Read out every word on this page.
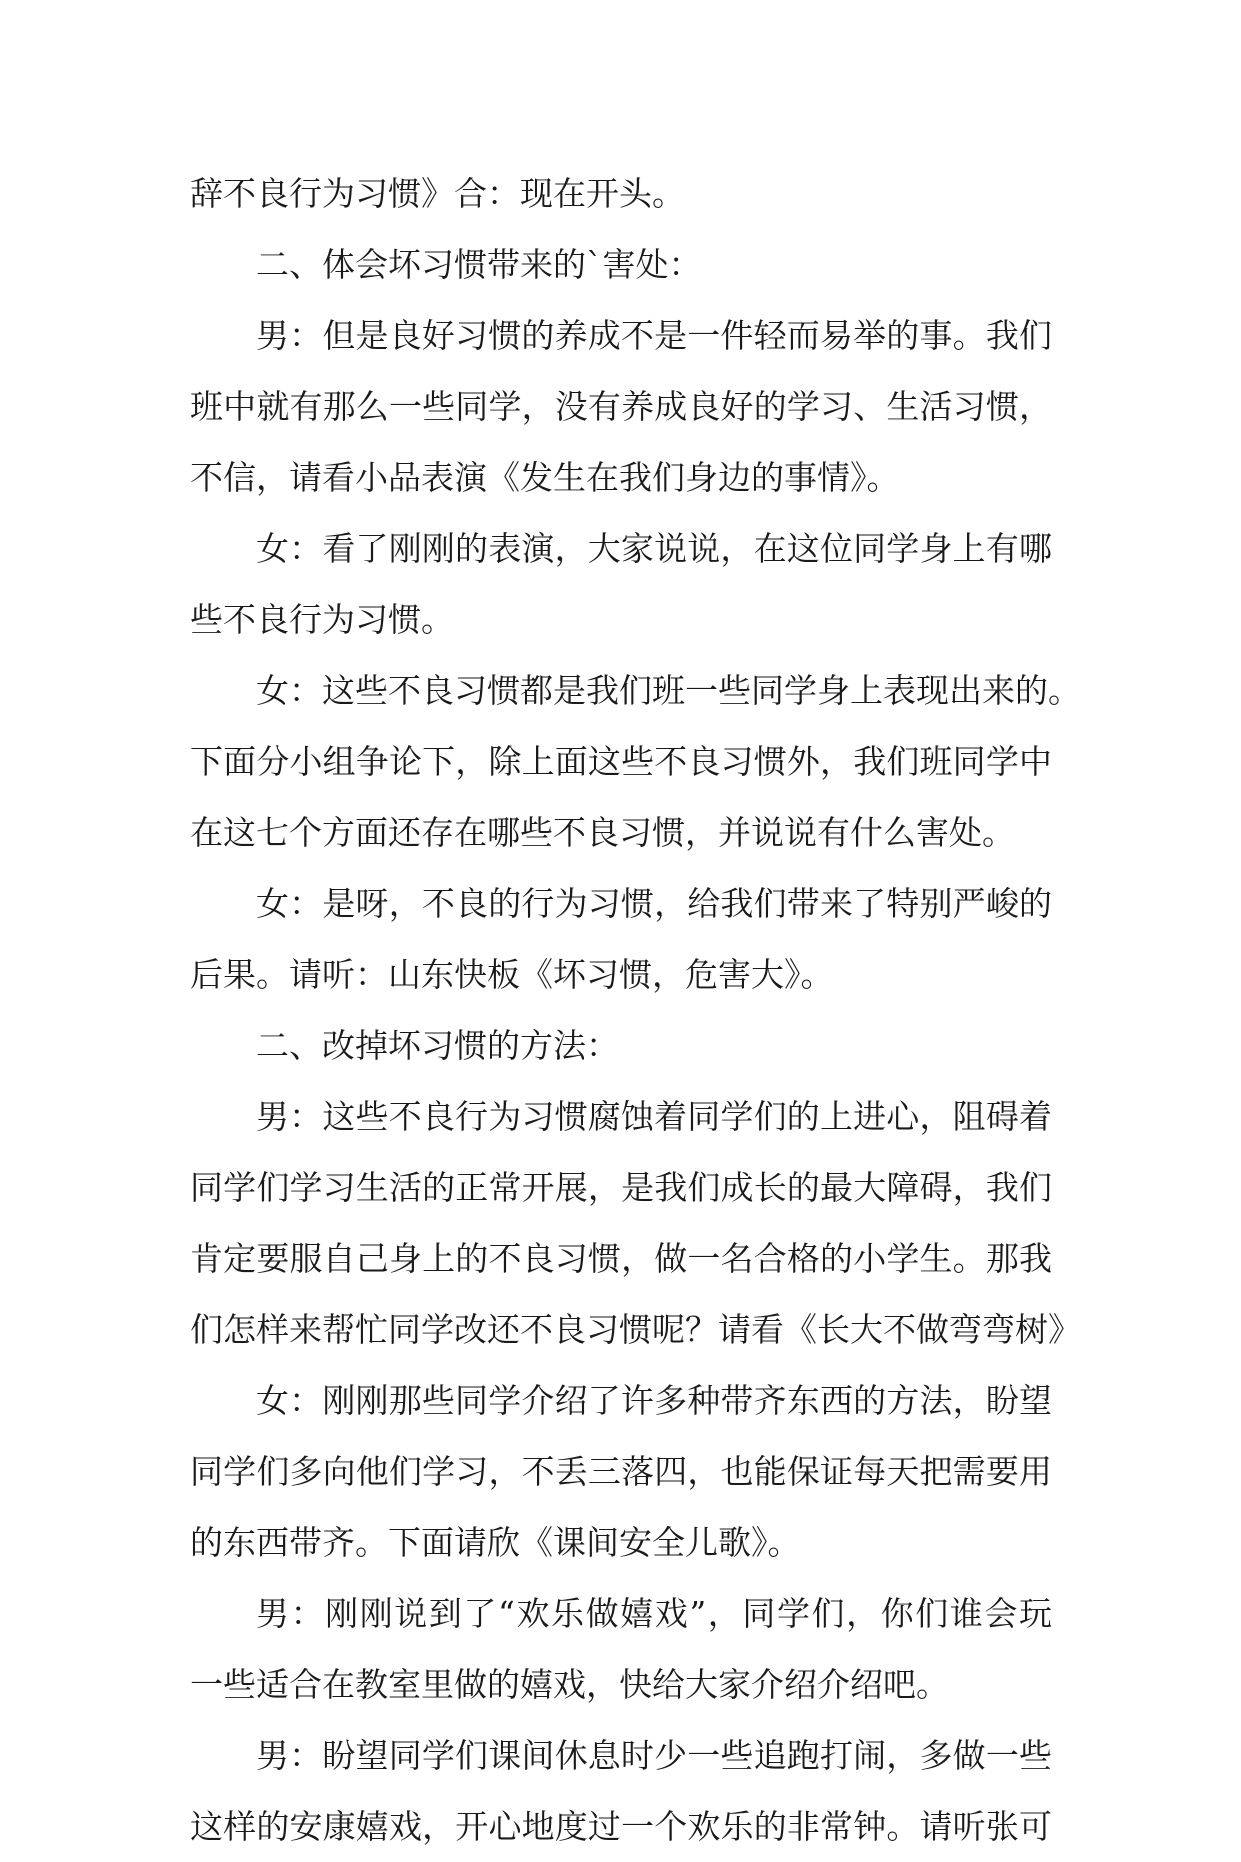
辞不良行为习惯》合：现在开头。
二、体会坏习惯带来的`害处：
男：但是良好习惯的养成不是一件轻而易举的事。我们
班中就有那么一些同学，没有养成良好的学习、生活习惯，
不信，请看小品表演《发生在我们身边的事情》。
女：看了刚刚的表演，大家说说，在这位同学身上有哪
些不良行为习惯。
女：这些不良习惯都是我们班一些同学身上表现出来的。
下面分小组争论下，除上面这些不良习惯外，我们班同学中
在这七个方面还存在哪些不良习惯，并说说有什么害处。
女：是呀，不良的行为习惯，给我们带来了特别严峻的
后果。请听：山东快板《坏习惯，危害大》。
二、改掉坏习惯的方法：
男：这些不良行为习惯腐蚀着同学们的上进心，阻碍着
同学们学习生活的正常开展，是我们成长的最大障碍，我们
肯定要服自己身上的不良习惯，做一名合格的小学生。那我
们怎样来帮忙同学改还不良习惯呢？请看《长大不做弯弯树》
女：刚刚那些同学介绍了许多种带齐东西的方法，盼望
同学们多向他们学习，不丢三落四，也能保证每天把需要用
的东西带齐。下面请欣《课间安全儿歌》。
男：刚刚说到了“欢乐做嬉戏”，同学们，你们谁会玩
一些适合在教室里做的嬉戏，快给大家介绍介绍吧。
男：盼望同学们课间休息时少一些追跑打闹，多做一些
这样的安康嬉戏，开心地度过一个欢乐的非常钟。请听张可
